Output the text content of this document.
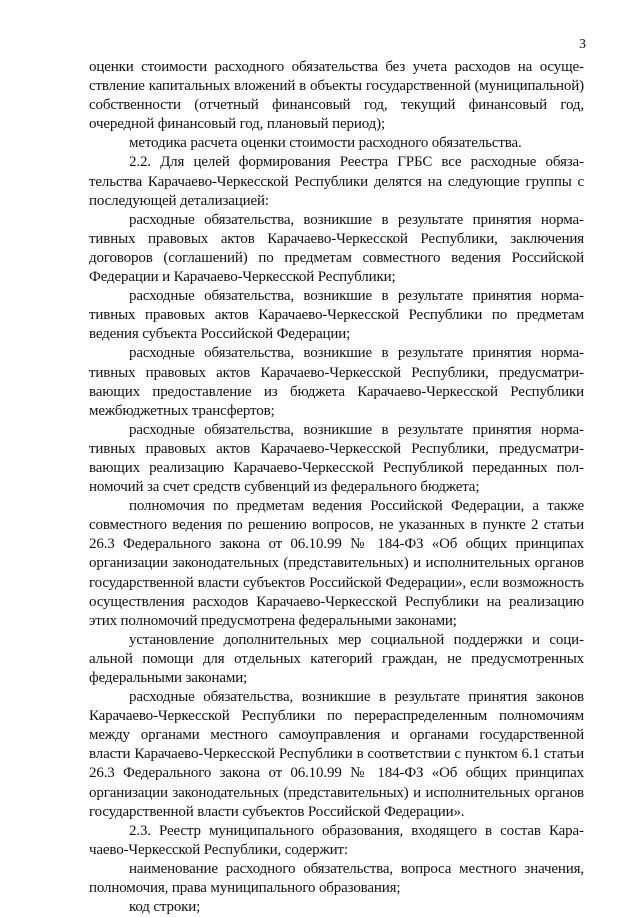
3

оценки стоимости расходного обязательства без учета расходов на осуществление капитальных вложений в объекты государственной (муниципальной) собственности (отчетный финансовый год, текущий финансовый год, очередной финансовый год, плановый период);

методика расчета оценки стоимости расходного обязательства.

2.2. Для целей формирования Реестра ГРБС все расходные обязательства Карачаево-Черкесской Республики делятся на следующие группы с последующей детализацией:

расходные обязательства, возникшие в результате принятия нормативных правовых актов Карачаево-Черкесской Республики, заключения договоров (соглашений) по предметам совместного ведения Российской Федерации и Карачаево-Черкесской Республики;

расходные обязательства, возникшие в результате принятия нормативных правовых актов Карачаево-Черкесской Республики по предметам ведения субъекта Российской Федерации;

расходные обязательства, возникшие в результате принятия нормативных правовых актов Карачаево-Черкесской Республики, предусматривающих предоставление из бюджета Карачаево-Черкесской Республики межбюджетных трансфертов;

расходные обязательства, возникшие в результате принятия нормативных правовых актов Карачаево-Черкесской Республики, предусматривающих реализацию Карачаево-Черкесской Республикой переданных полномочий за счет средств субвенций из федерального бюджета;

полномочия по предметам ведения Российской Федерации, а также совместного ведения по решению вопросов, не указанных в пункте 2 статьи 26.3 Федерального закона от 06.10.99 № 184-ФЗ «Об общих принципах организации законодательных (представительных) и исполнительных органов государственной власти субъектов Российской Федерации», если возможность осуществления расходов Карачаево-Черкесской Республики на реализацию этих полномочий предусмотрена федеральными законами;

установление дополнительных мер социальной поддержки и социальной помощи для отдельных категорий граждан, не предусмотренных федеральными законами;

расходные обязательства, возникшие в результате принятия законов Карачаево-Черкесской Республики по перераспределенным полномочиям между органами местного самоуправления и органами государственной власти Карачаево-Черкесской Республики в соответствии с пунктом 6.1 статьи 26.3 Федерального закона от 06.10.99 № 184-ФЗ «Об общих принципах организации законодательных (представительных) и исполнительных органов государственной власти субъектов Российской Федерации».

2.3. Реестр муниципального образования, входящего в состав Карачаево-Черкесской Республики, содержит:

наименование расходного обязательства, вопроса местного значения, полномочия, права муниципального образования;

код строки;
